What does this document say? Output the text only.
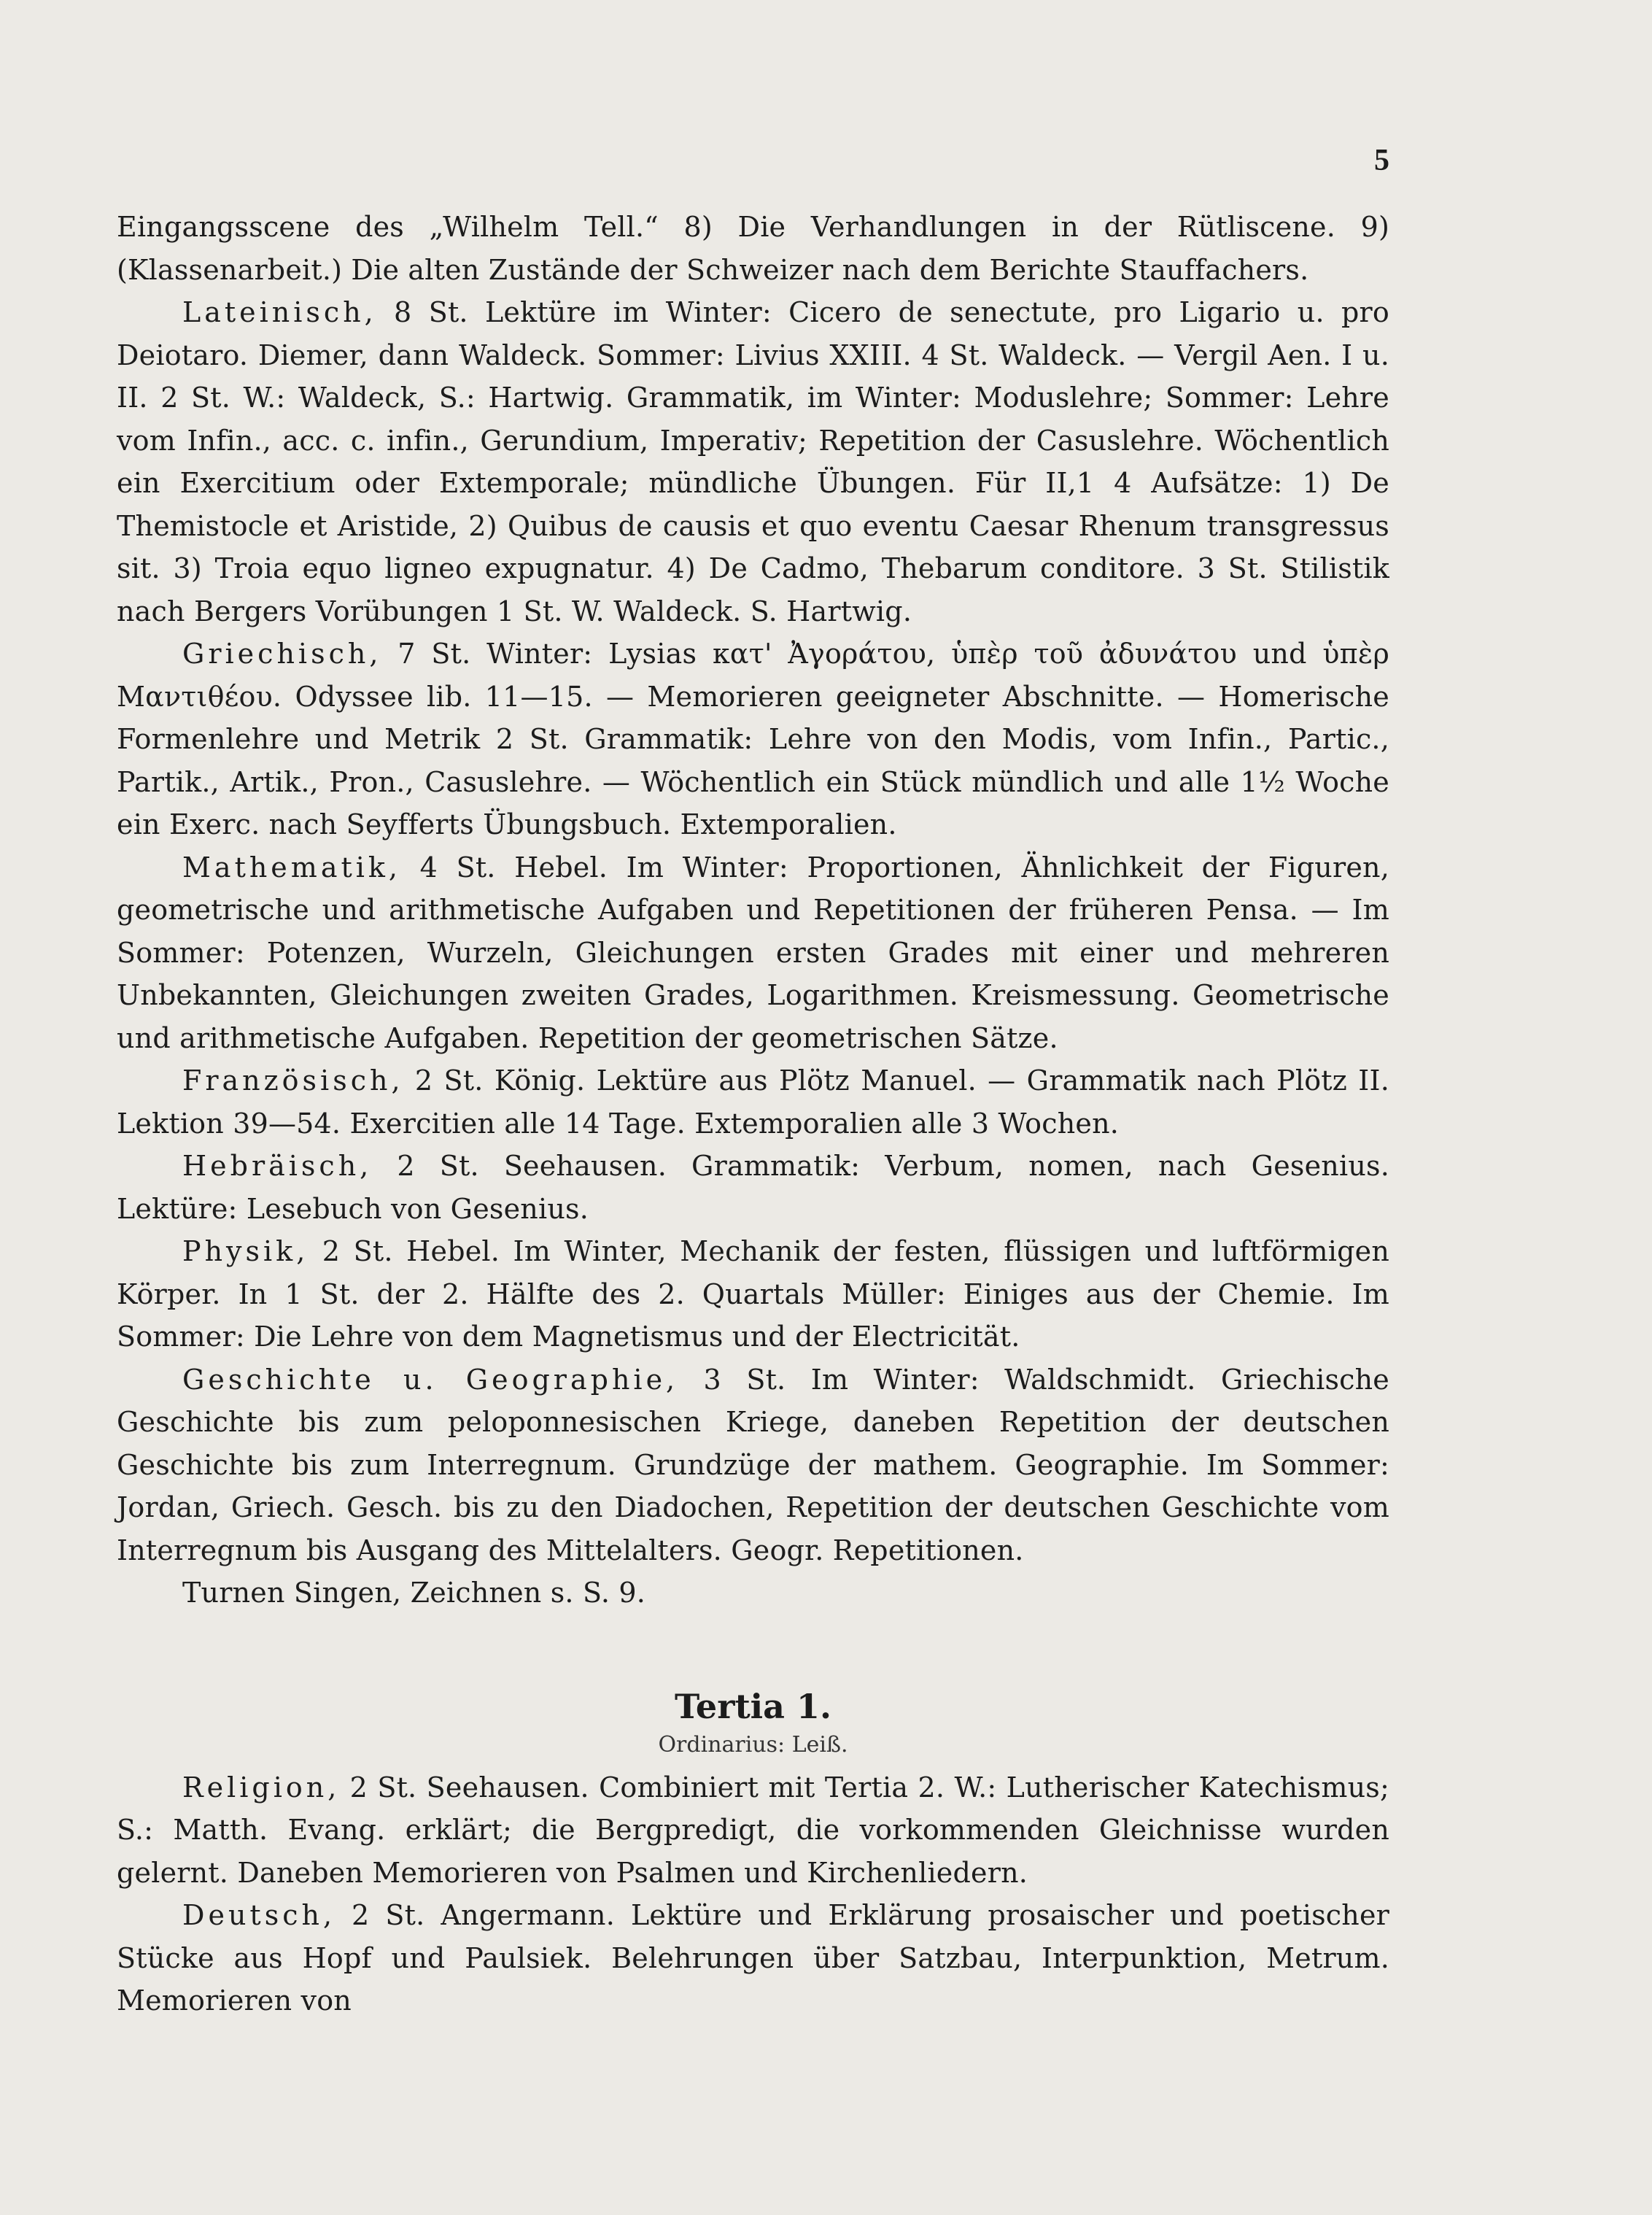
5

Eingangsscene des „Wilhelm Tell.“ 8) Die Verhandlungen in der Rütliscene. 9) (Klassenarbeit.) Die alten Zustände der Schweizer nach dem Berichte Stauffachers.

Lateinisch, 8 St. Lektüre im Winter: Cicero de senectute, pro Ligario u. pro Deiotaro. Diemer, dann Waldeck. Sommer: Livius XXIII. 4 St. Waldeck. — Vergil Aen. I u. II. 2 St. W.: Waldeck, S.: Hartwig. Grammatik, im Winter: Moduslehre; Sommer: Lehre vom Infin., acc. c. infin., Gerundium, Imperativ; Repetition der Casuslehre. Wöchentlich ein Exercitium oder Extemporale; mündliche Übungen. Für II,1 4 Aufsätze: 1) De Themistocle et Aristide, 2) Quibus de causis et quo eventu Caesar Rhenum transgressus sit. 3) Troia equo ligneo expugnatur. 4) De Cadmo, Thebarum conditore. 3 St. Stilistik nach Bergers Vorübungen 1 St. W. Waldeck. S. Hartwig.

Griechisch, 7 St. Winter: Lysias κατ' Ἀγοράτου, ὑπὲρ τοῦ ἀδυνάτου und ὑπὲρ Μαντιθέου. Odyssee lib. 11—15. — Memorieren geeigneter Abschnitte. — Homerische Formenlehre und Metrik 2 St. Grammatik: Lehre von den Modis, vom Infin., Partic., Partik., Artik., Pron., Casuslehre. — Wöchentlich ein Stück mündlich und alle 1½ Woche ein Exerc. nach Seyfferts Übungsbuch. Extemporalien.

Mathematik, 4 St. Hebel. Im Winter: Proportionen, Ähnlichkeit der Figuren, geometrische und arithmetische Aufgaben und Repetitionen der früheren Pensa. — Im Sommer: Potenzen, Wurzeln, Gleichungen ersten Grades mit einer und mehreren Unbekannten, Gleichungen zweiten Grades, Logarithmen. Kreismessung. Geometrische und arithmetische Aufgaben. Repetition der geometrischen Sätze.

Französisch, 2 St. König. Lektüre aus Plötz Manuel. — Grammatik nach Plötz II. Lektion 39—54. Exercitien alle 14 Tage. Extemporalien alle 3 Wochen.

Hebräisch, 2 St. Seehausen. Grammatik: Verbum, nomen, nach Gesenius. Lektüre: Lesebuch von Gesenius.

Physik, 2 St. Hebel. Im Winter, Mechanik der festen, flüssigen und luftförmigen Körper. In 1 St. der 2. Hälfte des 2. Quartals Müller: Einiges aus der Chemie. Im Sommer: Die Lehre von dem Magnetismus und der Electricität.

Geschichte u. Geographie, 3 St. Im Winter: Waldschmidt. Griechische Geschichte bis zum peloponnesischen Kriege, daneben Repetition der deutschen Geschichte bis zum Interregnum. Grundzüge der mathem. Geographie. Im Sommer: Jordan, Griech. Gesch. bis zu den Diadochen, Repetition der deutschen Geschichte vom Interregnum bis Ausgang des Mittelalters. Geogr. Repetitionen.

Turnen Singen, Zeichnen s. S. 9.

Tertia 1.
Ordinarius: Leiß.

Religion, 2 St. Seehausen. Combiniert mit Tertia 2. W.: Lutherischer Katechismus; S.: Matth. Evang. erklärt; die Bergpredigt, die vorkommenden Gleichnisse wurden gelernt. Daneben Memorieren von Psalmen und Kirchenliedern.

Deutsch, 2 St. Angermann. Lektüre und Erklärung prosaischer und poetischer Stücke aus Hopf und Paulsiek. Belehrungen über Satzbau, Interpunktion, Metrum. Memorieren von
